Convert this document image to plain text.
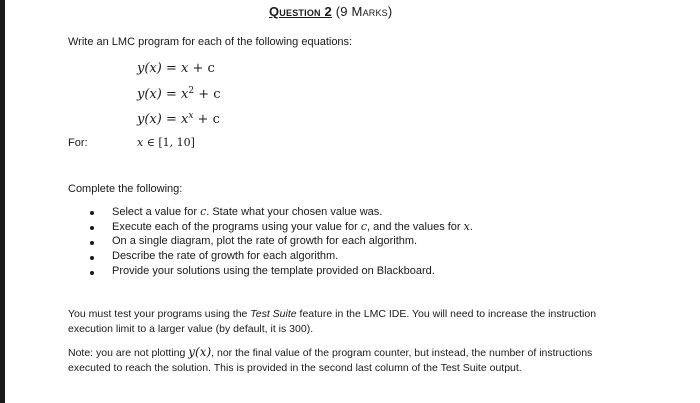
Question 2 (9 Marks)
Write an LMC program for each of the following equations:
y(x) = x + c
$y(x) = x^2 + c$
$y(x) = x^x + c$
For:	x ∈ [1, 10]
Complete the following:
Select a value for c. State what your chosen value was.
Execute each of the programs using your value for c, and the values for x.
On a single diagram, plot the rate of growth for each algorithm.
Describe the rate of growth for each algorithm.
Provide your solutions using the template provided on Blackboard.
You must test your programs using the Test Suite feature in the LMC IDE. You will need to increase the instruction execution limit to a larger value (by default, it is 300).
Note: you are not plotting y(x), nor the final value of the program counter, but instead, the number of instructions executed to reach the solution. This is provided in the second last column of the Test Suite output.
